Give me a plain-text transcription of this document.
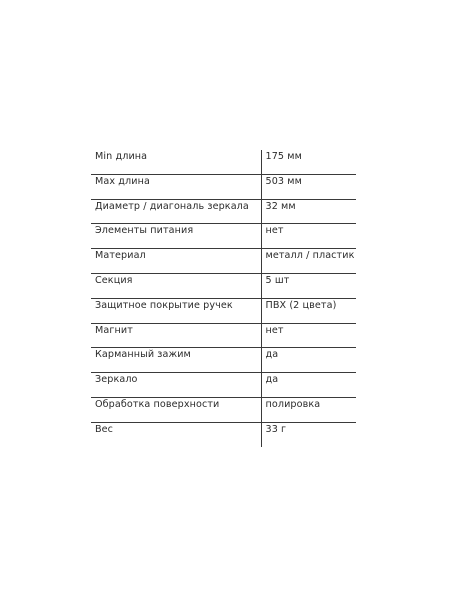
Min длина	175 мм
Max длина	503 мм
Диаметр / диагональ зеркала	32 мм
Элементы питания	нет
Материал	металл / пластик
Секция	5 шт
Защитное покрытие ручек	ПВХ (2 цвета)
Магнит	нет
Карманный зажим	да
Зеркало	да
Обработка поверхности	полировка
Вес	33 г
